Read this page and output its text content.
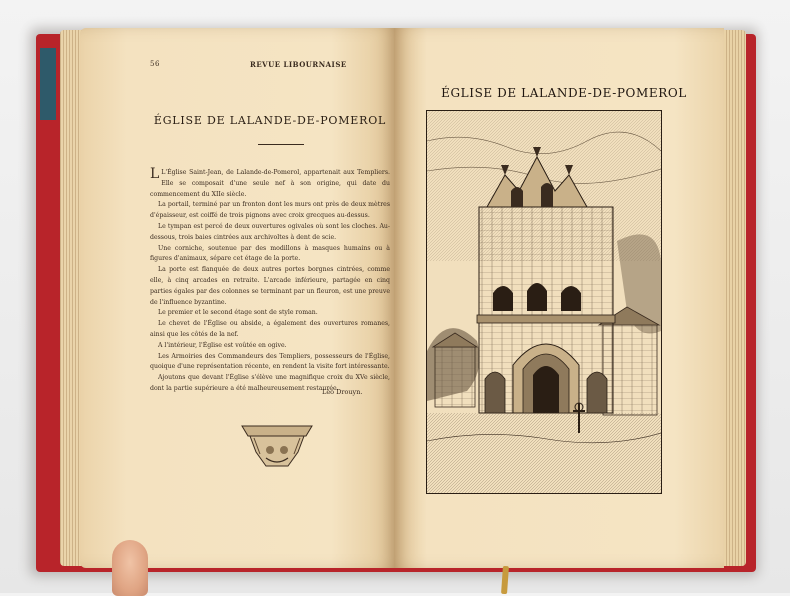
56	REVUE LIBOURNAISE
ÉGLISE DE LALANDE-DE-POMEROL

L L'Église Saint-Jean, de Lalande-de-Pomerol, appartenait aux Templiers. Elle se composait d'une seule nef à son origine, qui date du commencement du XIIe siècle.

La portail, terminé par un fronton dont les murs ont près de deux mètres d'épaisseur, est coiffé de trois pignons avec croix grecques au-dessus.

Le tympan est percé de deux ouvertures ogivales où sont les cloches. Au-dessous, trois baies cintrées aux archivoltes à dent de scie.

Une corniche, soutenue par des modillons à masques humains ou à figures d'animaux, sépare cet étage de la porte.

La porte est flanquée de deux autres portes borgnes cintrées, comme elle, à cinq arcades en retraite. L'arcade inférieure, partagée en cinq parties égales par des colonnes se terminant par un fleuron, est une preuve de l'influence byzantine.

Le premier et le second étage sont de style roman.

Le chevet de l'Église ou abside, a également des ouvertures romanes, ainsi que les côtés de la nef.

A l'intérieur, l'Église est voûtée en ogive.

Les Armoiries des Commandeurs des Templiers, possesseurs de l'Église, quoique d'une représentation récente, en rendent la visite fort intéressante.

Ajoutons que devant l'Église s'élève une magnifique croix du XVe siècle, dont la partie supérieure a été malheureusement restaurée.

Léo Drouyn.
ÉGLISE DE LALANDE-DE-POMEROL
